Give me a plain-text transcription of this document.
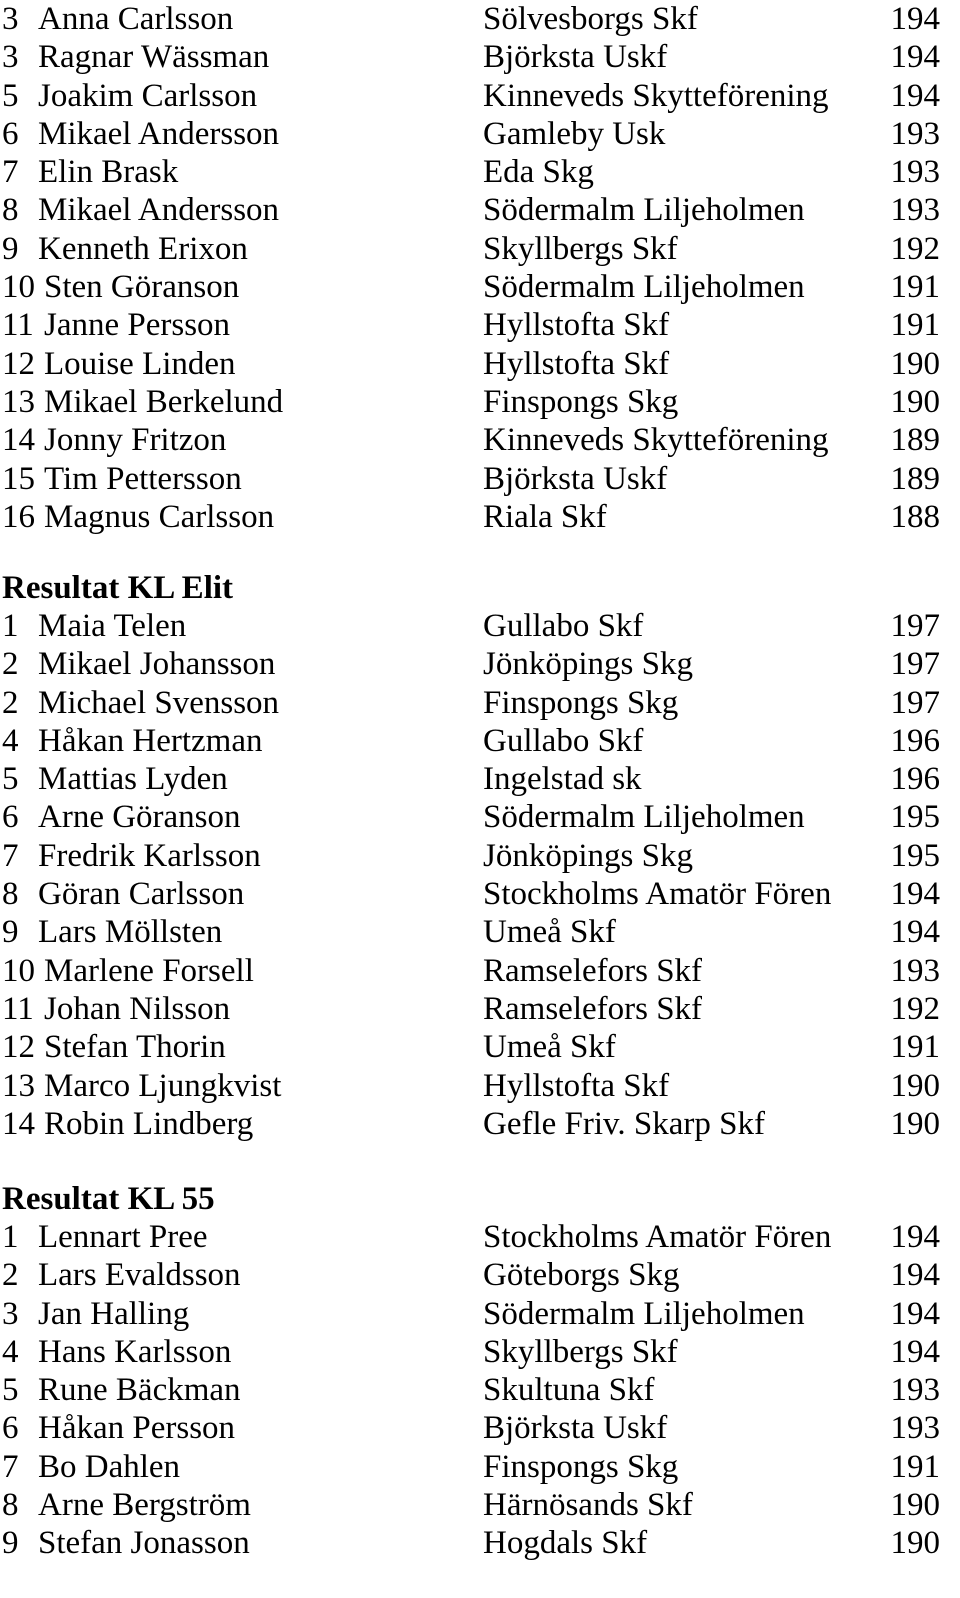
3 Anna Carlsson	Sölvesborgs Skf	194
3 Ragnar Wässman	Björksta Uskf	194
5 Joakim Carlsson	Kinneveds Skytteförening 194
6 Mikael Andersson	Gamleby Usk	193
7 Elin Brask	Eda Skg	193
8 Mikael Andersson	Södermalm Liljeholmen	193
9 Kenneth Erixon	Skyllbergs Skf	192
10 Sten Göranson	Södermalm Liljeholmen	191
11 Janne Persson	Hyllstofta Skf	191
12 Louise Linden	Hyllstofta Skf	190
13 Mikael Berkelund	Finspongs Skg	190
14 Jonny Fritzon	Kinneveds Skytteförening 189
15 Tim Pettersson	Björksta Uskf	189
16 Magnus Carlsson	Riala Skf	188
Resultat KL Elit
1 Maia Telen	Gullabo Skf	197
2 Mikael Johansson	Jönköpings Skg	197
2 Michael Svensson	Finspongs Skg	197
4 Håkan Hertzman	Gullabo Skf	196
5 Mattias Lyden	Ingelstad sk	196
6 Arne Göranson	Södermalm Liljeholmen	195
7 Fredrik Karlsson	Jönköpings Skg	195
8 Göran Carlsson	Stockholms Amatör Fören 194
9 Lars Möllsten	Umeå Skf	194
10 Marlene Forsell	Ramselefors Skf	193
11 Johan Nilsson	Ramselefors Skf	192
12 Stefan Thorin	Umeå Skf	191
13 Marco Ljungkvist	Hyllstofta Skf	190
14 Robin Lindberg	Gefle Friv. Skarp Skf	190
Resultat KL 55
1 Lennart Pree	Stockholms Amatör Fören 194
2 Lars Evaldsson	Göteborgs Skg	194
3 Jan Halling	Södermalm Liljeholmen	194
4 Hans Karlsson	Skyllbergs Skf	194
5 Rune Bäckman	Skultuna Skf	193
6 Håkan Persson	Björksta Uskf	193
7 Bo Dahlen	Finspongs Skg	191
8 Arne Bergström	Härnösands Skf	190
9 Stefan Jonasson	Hogdals Skf	190
